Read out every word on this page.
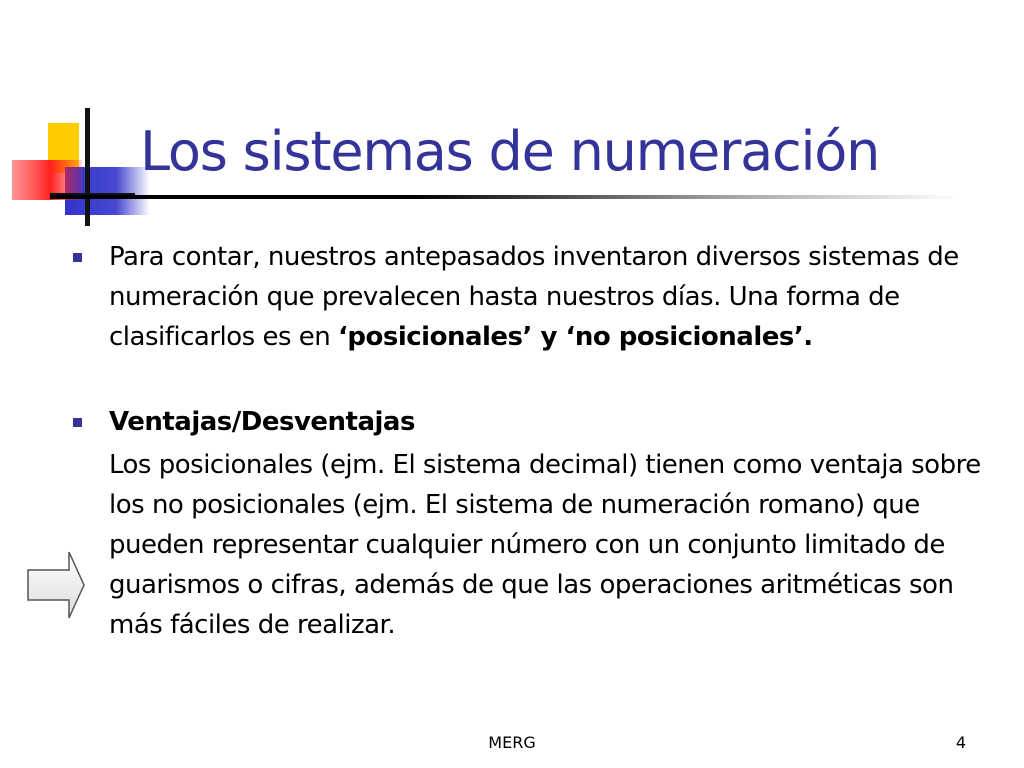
Los sistemas de numeración
Para contar, nuestros antepasados inventaron diversos sistemas de numeración que prevalecen hasta nuestros días. Una forma de clasificarlos es en ‘posicionales’ y ‘no posicionales’.
Ventajas/Desventajas
Los posicionales (ejm. El sistema decimal) tienen como ventaja sobre los no posicionales (ejm. El sistema de numeración romano) que pueden representar cualquier número con un conjunto limitado de guarismos o cifras, además de que las operaciones aritméticas son más fáciles de realizar.
MERG	4
